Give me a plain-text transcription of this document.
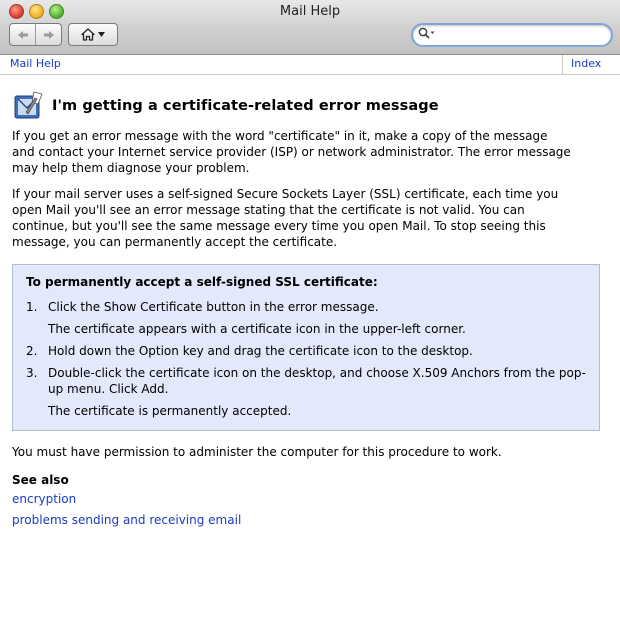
Mail Help
Mail Help	Index
I'm getting a certificate-related error message

If you get an error message with the word "certificate" in it, make a copy of the message and contact your Internet service provider (ISP) or network administrator. The error message may help them diagnose your problem.

If your mail server uses a self-signed Secure Sockets Layer (SSL) certificate, each time you open Mail you'll see an error message stating that the certificate is not valid. You can continue, but you'll see the same message every time you open Mail. To stop seeing this message, you can permanently accept the certificate.

To permanently accept a self-signed SSL certificate:
1. Click the Show Certificate button in the error message.
The certificate appears with a certificate icon in the upper-left corner.
2. Hold down the Option key and drag the certificate icon to the desktop.
3. Double-click the certificate icon on the desktop, and choose X.509 Anchors from the pop-up menu. Click Add.
The certificate is permanently accepted.
You must have permission to administer the computer for this procedure to work.
See also
encryption
problems sending and receiving email
